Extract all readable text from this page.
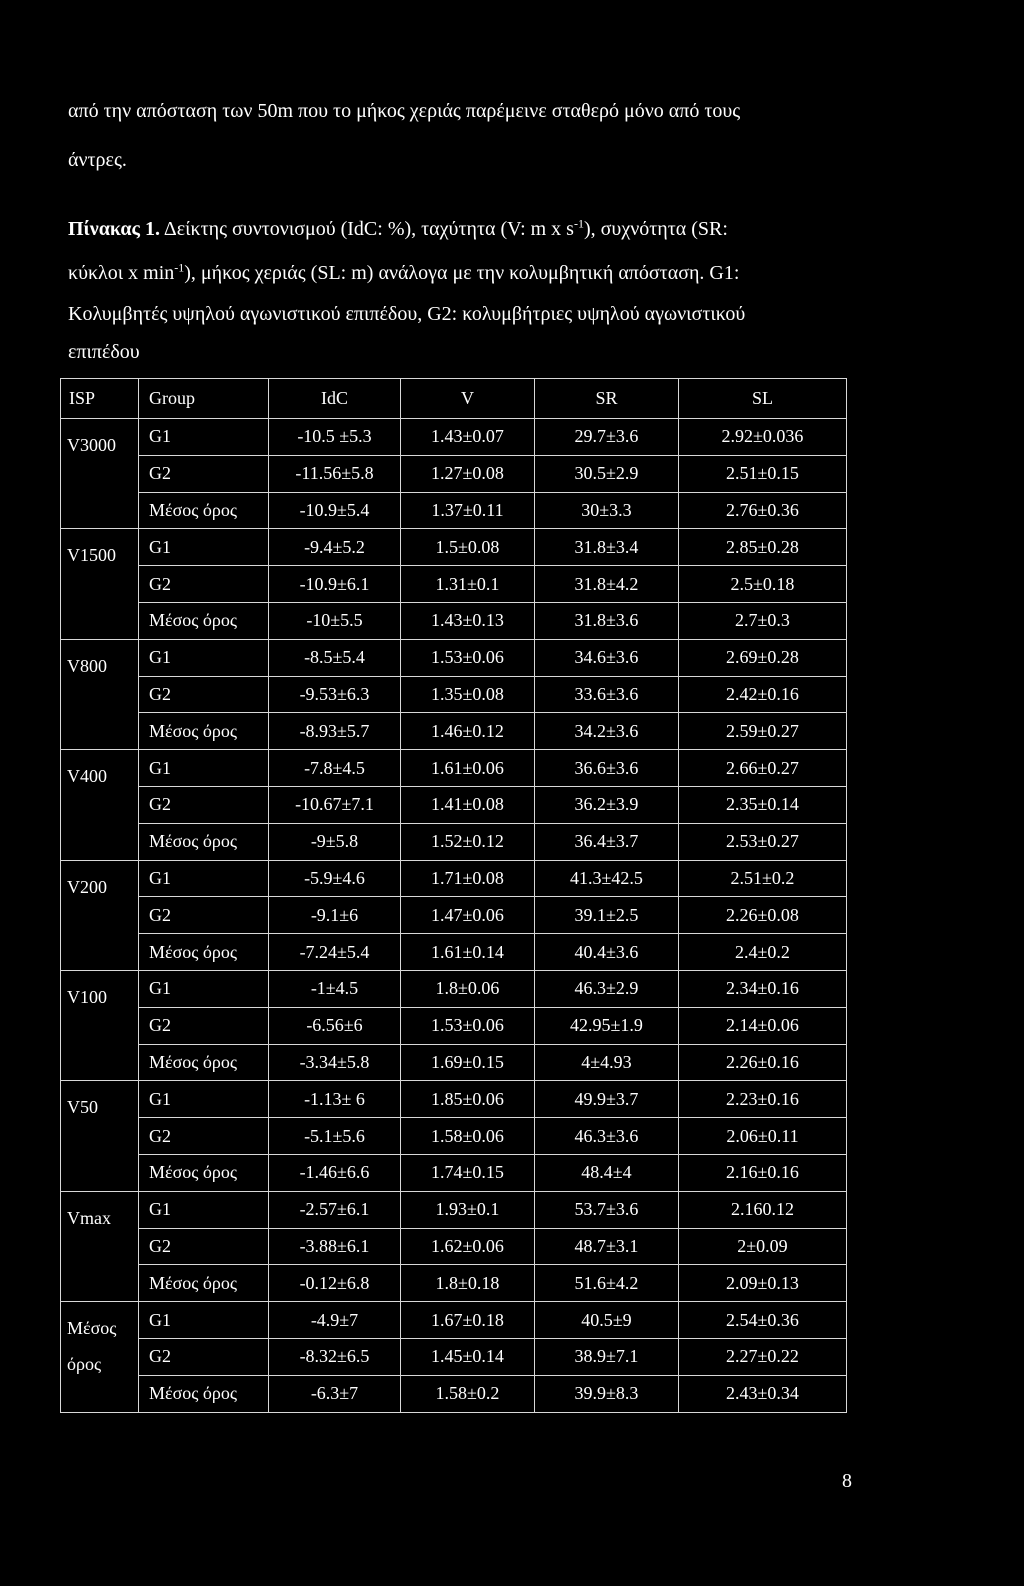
από την απόσταση των 50m που το μήκος χεριάς παρέμεινε σταθερό μόνο από τους
άντρες.
Πίνακας 1. Δείκτης συντονισμού (IdC: %), ταχύτητα (V: m x $s^{-1}$), συχνότητα (SR:
κύκλοι x $\min^{-1}$), μήκος χεριάς (SL: m) ανάλογα με την κολυμβητική απόσταση. G1:
Κολυμβητές υψηλού αγωνιστικού επιπέδου, G2: κολυμβήτριες υψηλού αγωνιστικού
επιπέδου
ISP	Group	IdC	V	SR	SL
V3000	G1	-10.5 ±5.3	1.43±0.07	29.7±3.6	2.92±0.036
	G2	-11.56±5.8	1.27±0.08	30.5±2.9	2.51±0.15
	Μέσος όρος	-10.9±5.4	1.37±0.11	30±3.3	2.76±0.36
V1500	G1	-9.4±5.2	1.5±0.08	31.8±3.4	2.85±0.28
	G2	-10.9±6.1	1.31±0.1	31.8±4.2	2.5±0.18
	Μέσος όρος	-10±5.5	1.43±0.13	31.8±3.6	2.7±0.3
V800	G1	-8.5±5.4	1.53±0.06	34.6±3.6	2.69±0.28
	G2	-9.53±6.3	1.35±0.08	33.6±3.6	2.42±0.16
	Μέσος όρος	-8.93±5.7	1.46±0.12	34.2±3.6	2.59±0.27
V400	G1	-7.8±4.5	1.61±0.06	36.6±3.6	2.66±0.27
	G2	-10.67±7.1	1.41±0.08	36.2±3.9	2.35±0.14
	Μέσος όρος	-9±5.8	1.52±0.12	36.4±3.7	2.53±0.27
V200	G1	-5.9±4.6	1.71±0.08	41.3±42.5	2.51±0.2
	G2	-9.1±6	1.47±0.06	39.1±2.5	2.26±0.08
	Μέσος όρος	-7.24±5.4	1.61±0.14	40.4±3.6	2.4±0.2
V100	G1	-1±4.5	1.8±0.06	46.3±2.9	2.34±0.16
	G2	-6.56±6	1.53±0.06	42.95±1.9	2.14±0.06
	Μέσος όρος	-3.34±5.8	1.69±0.15	4±4.93	2.26±0.16
V50	G1	-1.13± 6	1.85±0.06	49.9±3.7	2.23±0.16
	G2	-5.1±5.6	1.58±0.06	46.3±3.6	2.06±0.11
	Μέσος όρος	-1.46±6.6	1.74±0.15	48.4±4	2.16±0.16
Vmax	G1	-2.57±6.1	1.93±0.1	53.7±3.6	2.160.12
	G2	-3.88±6.1	1.62±0.06	48.7±3.1	2±0.09
	Μέσος όρος	-0.12±6.8	1.8±0.18	51.6±4.2	2.09±0.13
Μέσος όρος	G1	-4.9±7	1.67±0.18	40.5±9	2.54±0.36
	G2	-8.32±6.5	1.45±0.14	38.9±7.1	2.27±0.22
	Μέσος όρος	-6.3±7	1.58±0.2	39.9±8.3	2.43±0.34
8
